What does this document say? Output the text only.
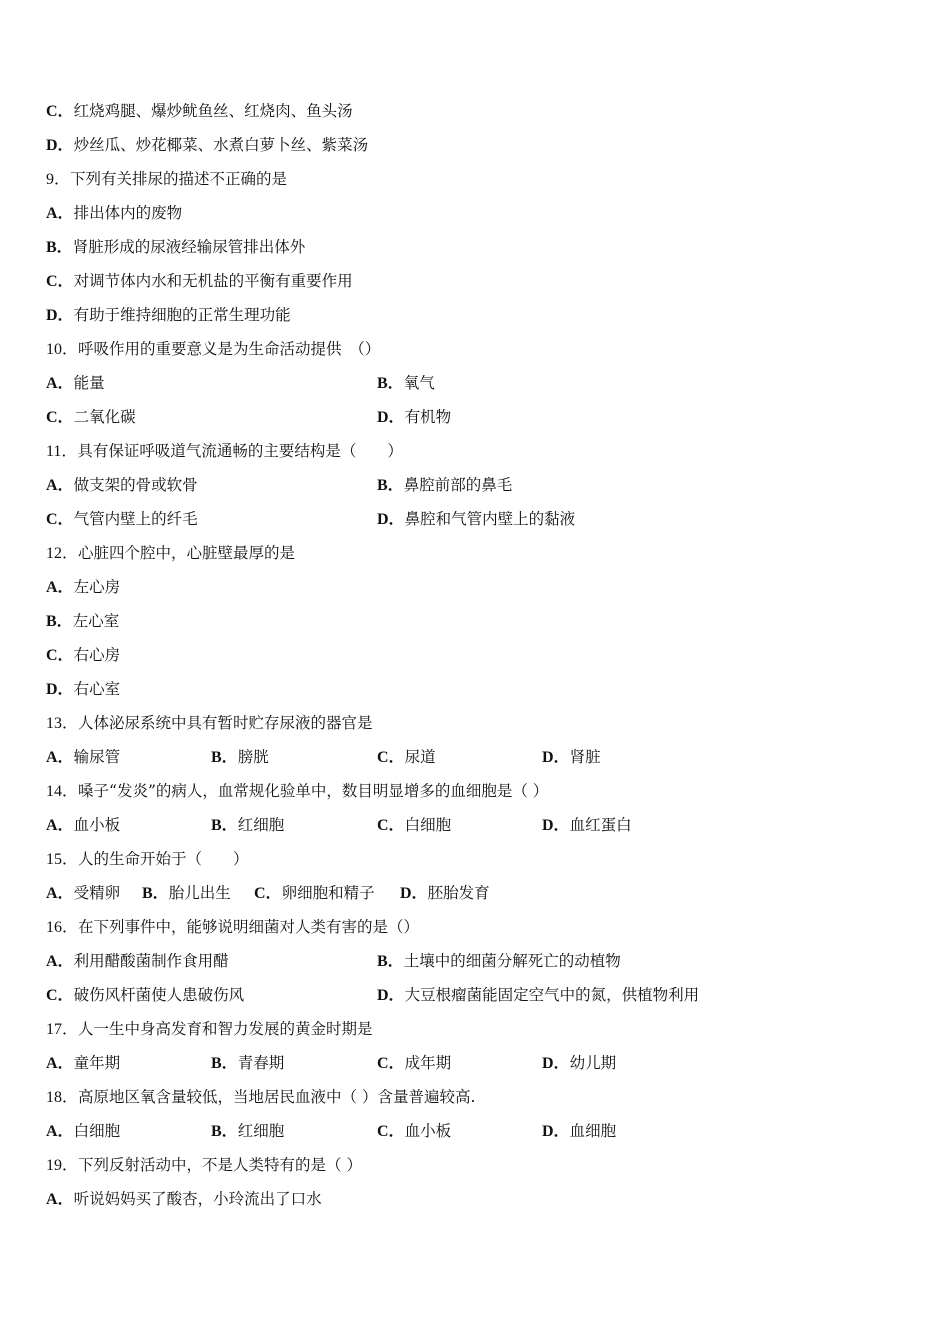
C．红烧鸡腿、爆炒鱿鱼丝、红烧肉、鱼头汤
D．炒丝瓜、炒花椰菜、水煮白萝卜丝、紫菜汤
9．下列有关排尿的描述不正确的是
A．排出体内的废物
B．肾脏形成的尿液经输尿管排出体外
C．对调节体内水和无机盐的平衡有重要作用
D．有助于维持细胞的正常生理功能
10．呼吸作用的重要意义是为生命活动提供　（）
A．能量	B．氧气
C．二氧化碳	D．有机物
11．具有保证呼吸道气流通畅的主要结构是（　　）
A．做支架的骨或软骨	B．鼻腔前部的鼻毛
C．气管内壁上的纤毛	D．鼻腔和气管内壁上的黏液
12．心脏四个腔中，心脏壁最厚的是
A．左心房
B．左心室
C．右心房
D．右心室
13．人体泌尿系统中具有暂时贮存尿液的器官是
A．输尿管	B．膀胱	C．尿道	D．肾脏
14．嗓子“发炎”的病人，血常规化验单中，数目明显增多的血细胞是（ ）
A．血小板	B．红细胞	C．白细胞	D．血红蛋白
15．人的生命开始于（　　）
A．受精卵 B．胎儿出生 C．卵细胞和精子 D．胚胎发育
16．在下列事件中，能够说明细菌对人类有害的是（）
A．利用醋酸菌制作食用醋	B．土壤中的细菌分解死亡的动植物
C．破伤风杆菌使人患破伤风	D．大豆根瘤菌能固定空气中的氮，供植物利用
17．人一生中身高发育和智力发展的黄金时期是
A．童年期	B．青春期	C．成年期	D．幼儿期
18．高原地区氧含量较低，当地居民血液中（ ）含量普遍较高.
A．白细胞	B．红细胞	C．血小板	D．血细胞
19．下列反射活动中，不是人类特有的是（ ）
A．听说妈妈买了酸杏，小玲流出了口水
